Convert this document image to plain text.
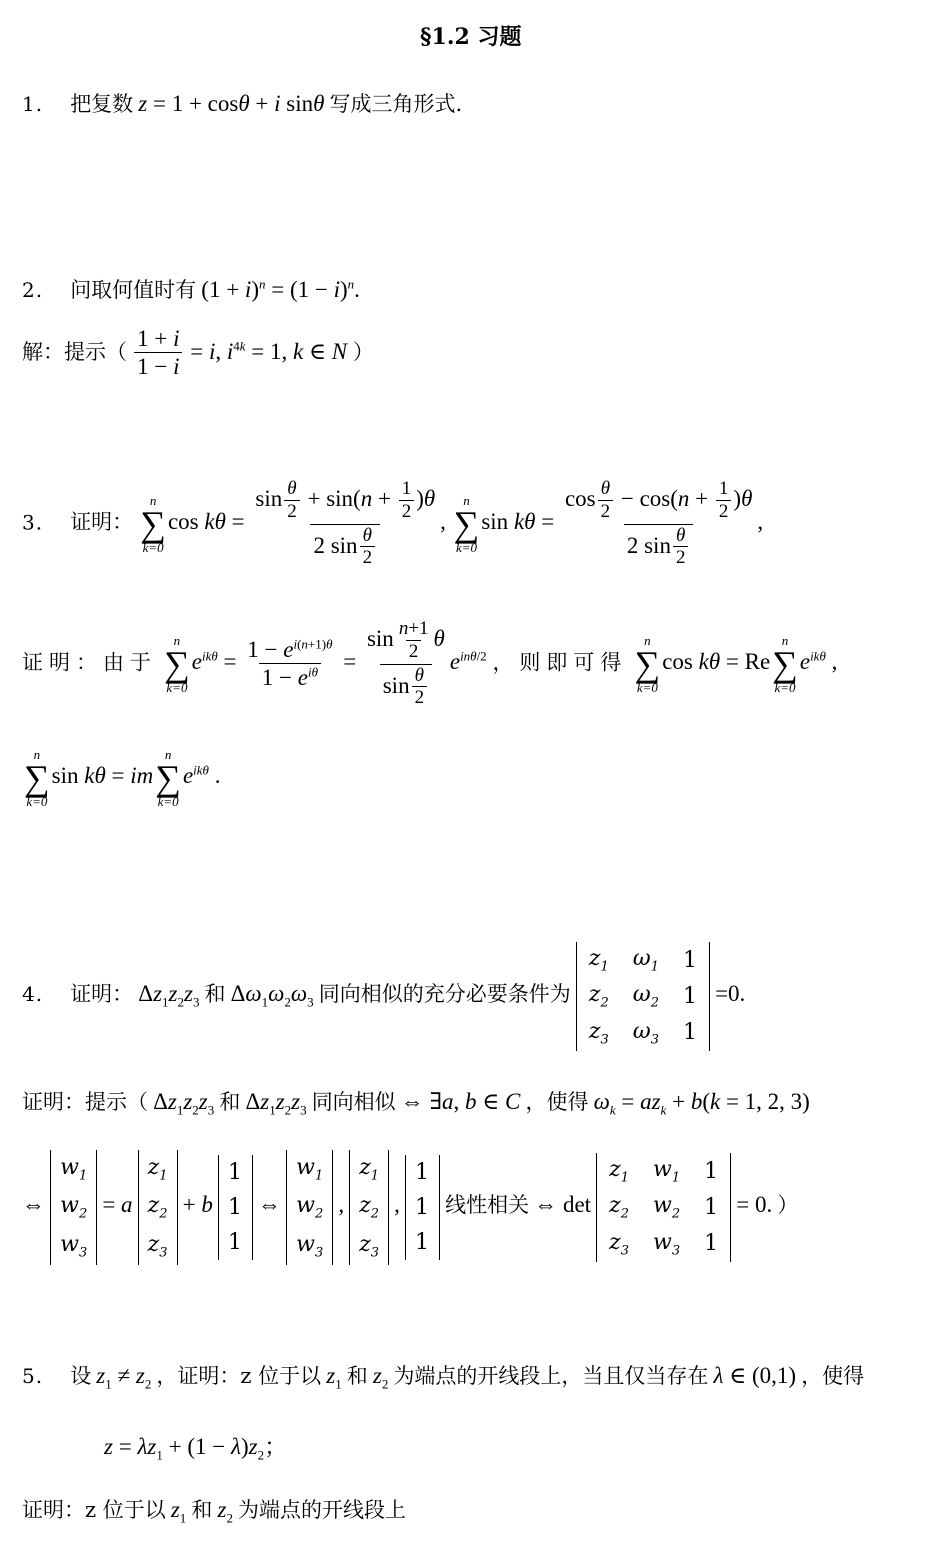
§1.2 习题
1. 把复数 z = 1 + cosθ + i sinθ 写成三角形式.
2. 问取何值时有 $(1 + i)^n = (1 - i)^n$.
解：提示（ $\frac{1 + i}{1 - i} = i$, $i^{4k} = 1$, k ∈ N ）
3. 证明：
n
∑
k=0
$\cos k\theta = \frac{\sin \frac{\theta}{2} + \sin(n + \frac{1}{2} )\theta}{2 \sin \frac{\theta}{2}}$ ,
n
∑
k=0
$\sin k\theta = \frac{\cos \frac{\theta}{2} - \cos(n + \frac{1}{2} )\theta}{2 \sin \frac{\theta}{2}}$ ,
证明：由于
n
∑
k=0
$e^{ik\theta} = \frac{1 - e^{i(n+1)\theta}}{1 - e^{i\theta}} = \frac{\sin \frac{n+1}{2} \theta}{\sin \frac{\theta}{2}} e^{in\theta/2}$ ，则即可得
n
∑
k=0
cos kθ = Re
n
∑
k=0
$e^{ik\theta}$ ,
n
∑
k=0
sin kθ = im
n
∑
k=0
$e^{ik\theta}$ .
4. 证明： $\Delta z_1z_2z_3$ 和 $\Delta\omega_1\omega_2\omega_3$ 同向相似的充分必要条件为 $z_1$	$\omega_1$	1
$z_2$	$\omega_2$	1
$z_3$	$\omega_3$	1 =0.
证明：提示（ $\Delta z_1z_2z_3$ 和 $\Delta z_1z_2z_3$ 同向相似 ⇔ ∃a, b ∈ C ，使得 $\omega_k = az_k + b(k = 1$, 2, 3)
⇔ $w_1$
$w_2$
$w_3 = a$ $z_1$
$z_2$
$z_3 + b$ 1
1
1 ⇔ $w_1$
$w_2$
$w_3$ , $z_1$
$z_2$
$z_3$ , 1
1
1 线性相关 ⇔ $\det z_1$	$w_1$	1
$z_2$	$w_2$	1
$z_3$	$w_3$	1 = 0. ）
5. 设 $z_1 \ne z_2$ ，证明：z 位于以 $z_1$ 和 $z_2$ 为端点的开线段上，当且仅当存在 λ ∈ (0,1) ，使得
$z = \lambda z_1 + (1 - \lambda)z_2$；
证明：z 位于以 $z_1$ 和 $z_2$ 为端点的开线段上
